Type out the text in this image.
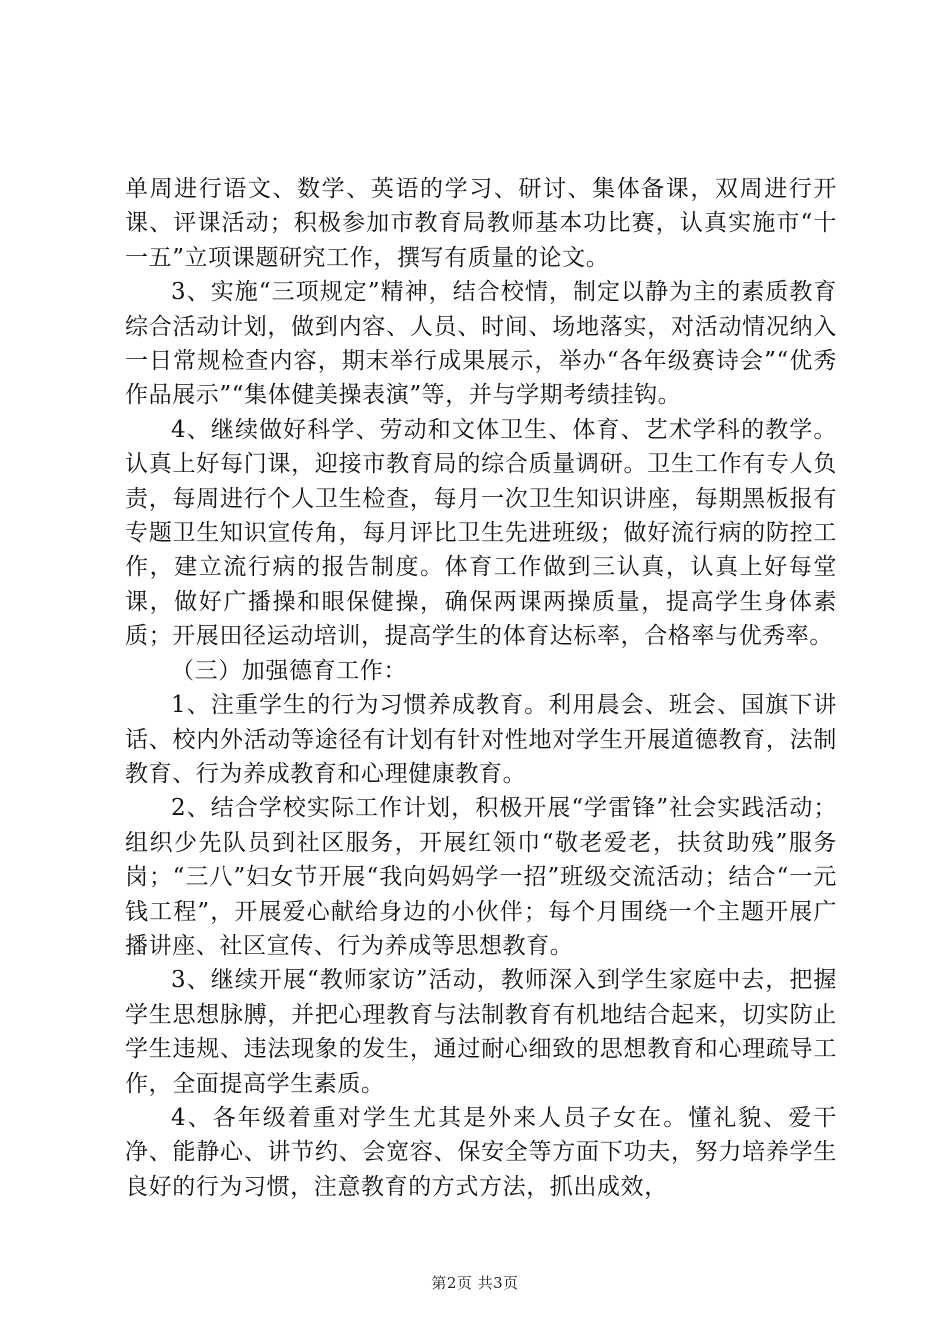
单周进行语文、数学、英语的学习、研讨、集体备课，双周进行开课、评课活动；积极参加市教育局教师基本功比赛，认真实施市“十一五”立项课题研究工作，撰写有质量的论文。

3、实施“三项规定”精神，结合校情，制定以静为主的素质教育综合活动计划，做到内容、人员、时间、场地落实，对活动情况纳入一日常规检查内容，期末举行成果展示，举办“各年级赛诗会”“优秀作品展示”“集体健美操表演”等，并与学期考绩挂钩。

4、继续做好科学、劳动和文体卫生、体育、艺术学科的教学。认真上好每门课，迎接市教育局的综合质量调研。卫生工作有专人负责，每周进行个人卫生检查，每月一次卫生知识讲座，每期黑板报有专题卫生知识宣传角，每月评比卫生先进班级；做好流行病的防控工作，建立流行病的报告制度。体育工作做到三认真，认真上好每堂课，做好广播操和眼保健操，确保两课两操质量，提高学生身体素质；开展田径运动培训，提高学生的体育达标率，合格率与优秀率。

（三）加强德育工作：

1、注重学生的行为习惯养成教育。利用晨会、班会、国旗下讲话、校内外活动等途径有计划有针对性地对学生开展道德教育，法制教育、行为养成教育和心理健康教育。

2、结合学校实际工作计划，积极开展“学雷锋”社会实践活动；组织少先队员到社区服务，开展红领巾“敬老爱老，扶贫助残”服务岗；“三八”妇女节开展“我向妈妈学一招”班级交流活动；结合“一元钱工程”，开展爱心献给身边的小伙伴；每个月围绕一个主题开展广播讲座、社区宣传、行为养成等思想教育。

3、继续开展“教师家访”活动，教师深入到学生家庭中去，把握学生思想脉膊，并把心理教育与法制教育有机地结合起来，切实防止学生违规、违法现象的发生，通过耐心细致的思想教育和心理疏导工作，全面提高学生素质。

4、各年级着重对学生尤其是外来人员子女在。懂礼貌、爱干净、能静心、讲节约、会宽容、保安全等方面下功夫，努力培养学生良好的行为习惯，注意教育的方式方法，抓出成效，

第2页 共3页
